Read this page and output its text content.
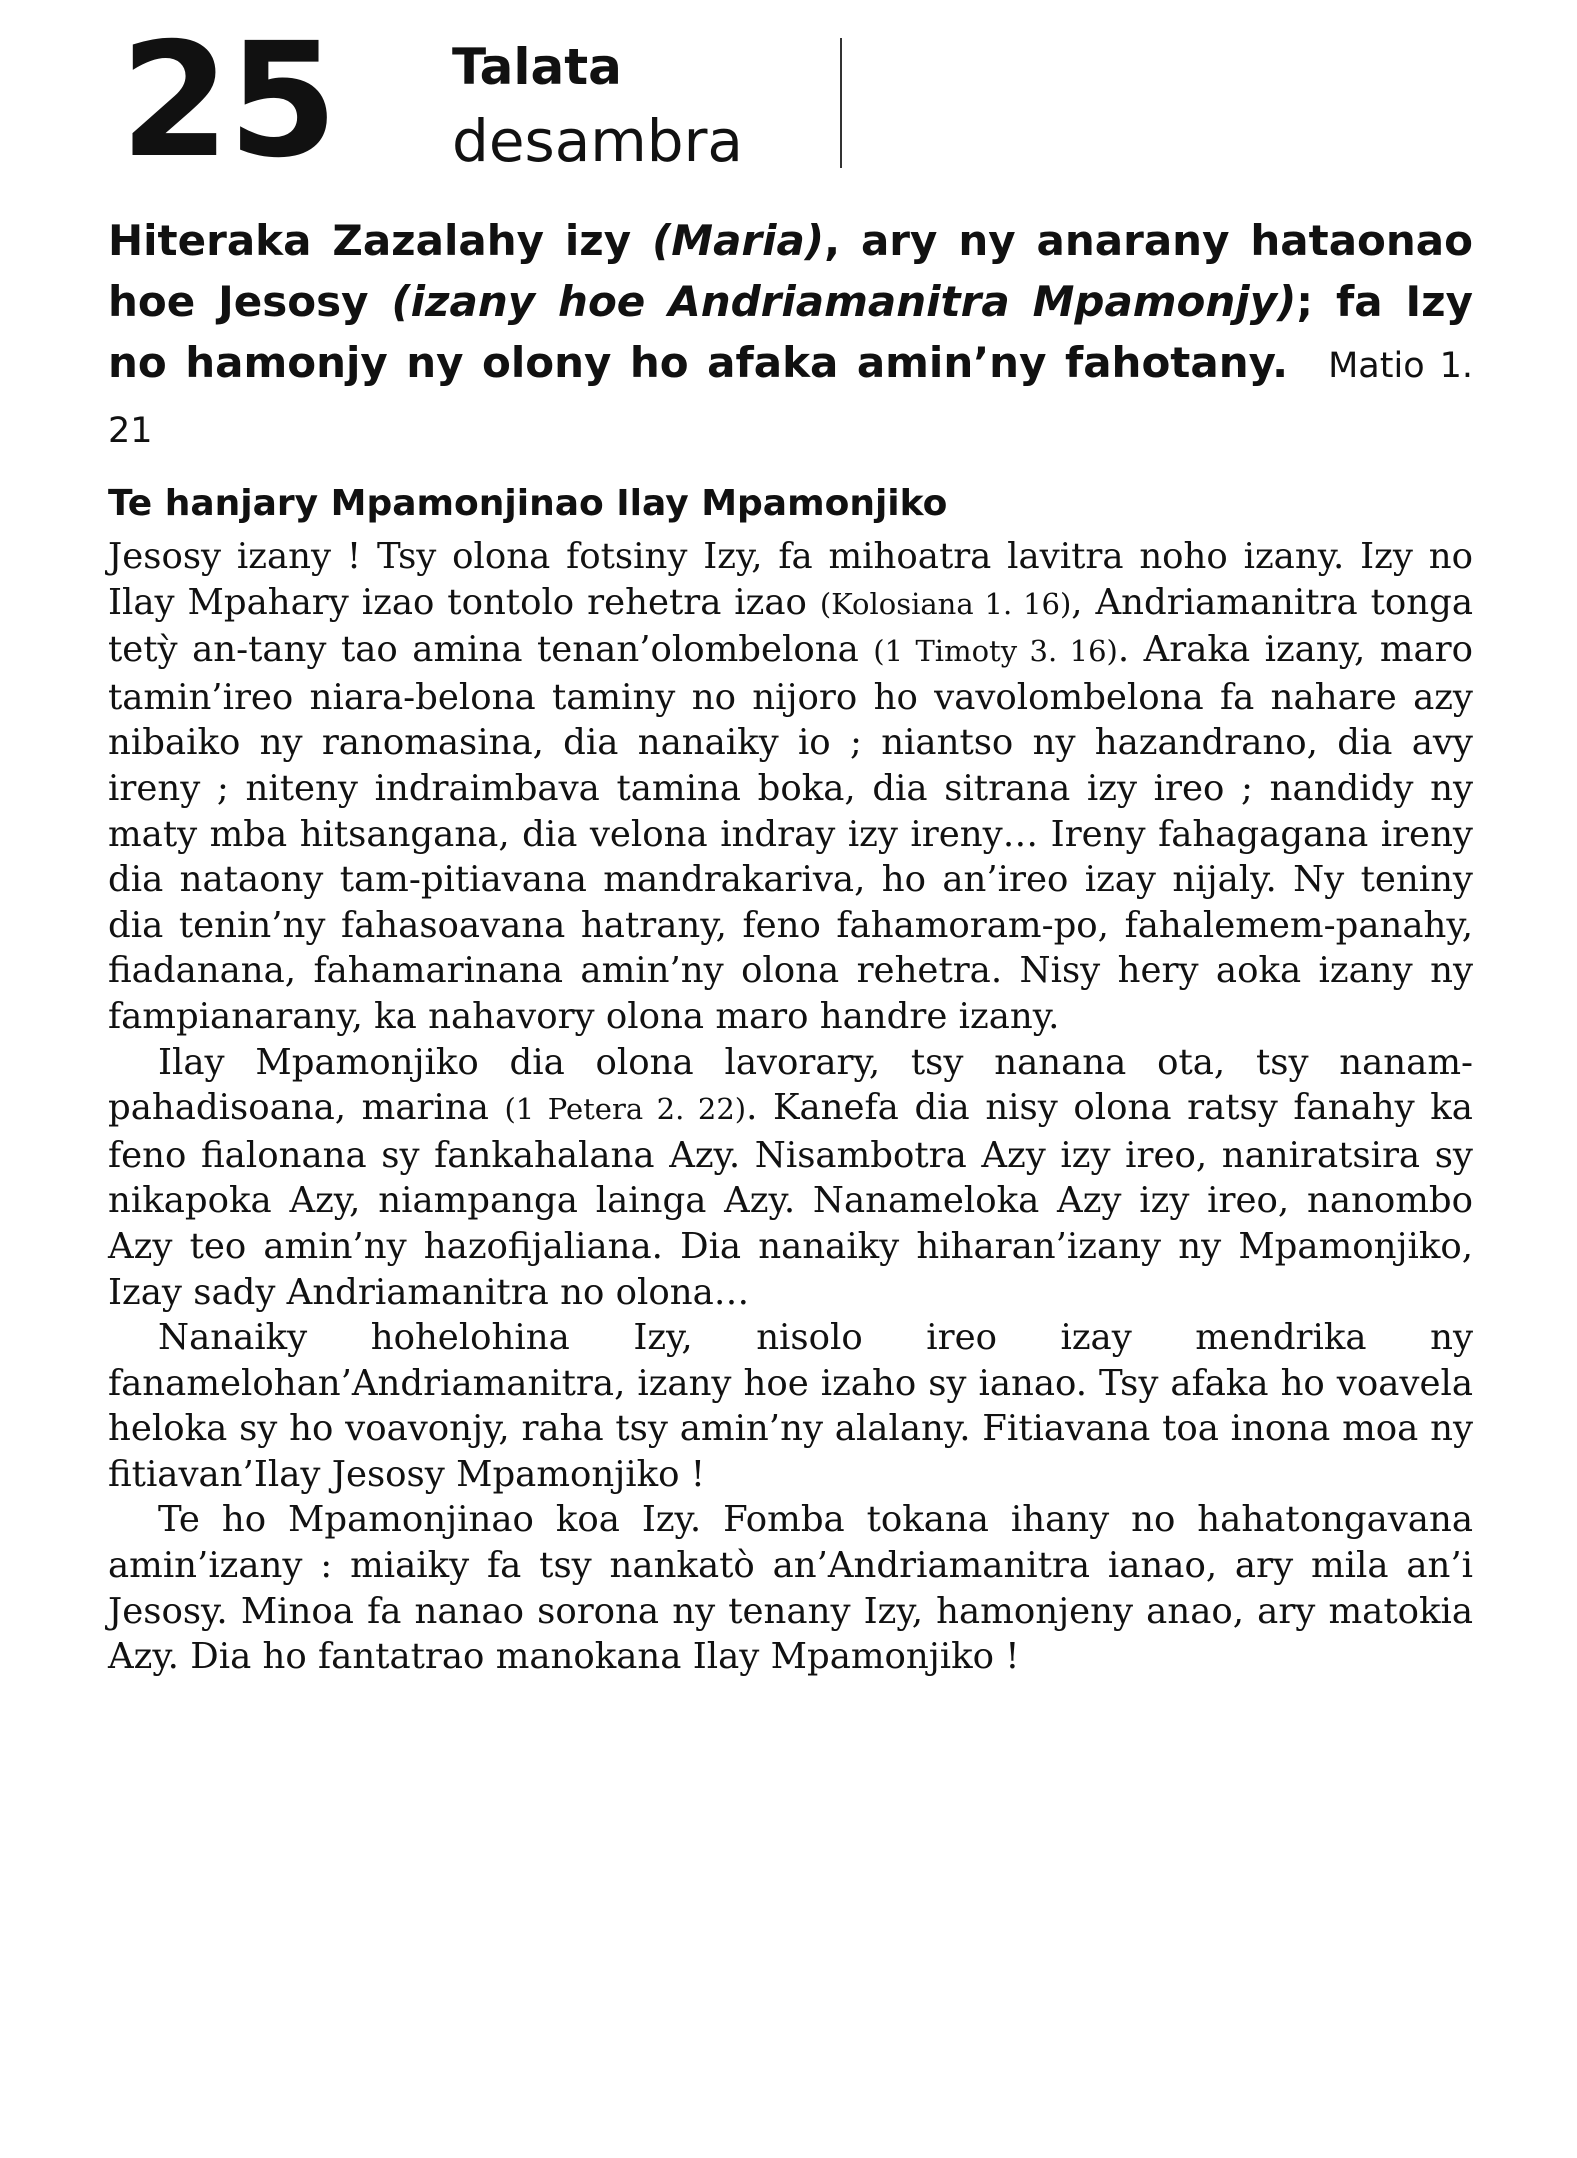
25 Talata
desambra
Hiteraka Zazalahy izy (Maria), ary ny anarany hataonao hoe Jesosy (izany hoe Andriamanitra Mpamonjy); fa Izy no hamonjy ny olony ho afaka amin’ny fahotany. Matio 1. 21
Te hanjary Mpamonjinao Ilay Mpamonjiko

Jesosy izany ! Tsy olona fotsiny Izy, fa mihoatra lavitra noho izany. Izy no Ilay Mpahary izao tontolo rehetra izao (Kolosiana 1. 16), Andriamanitra tonga tetỳ an-tany tao amina tenan’olombelona (1 Timoty 3. 16). Araka izany, maro tamin’ireo niara-belona taminy no nijoro ho vavolombelona fa nahare azy nibaiko ny ranomasina, dia nanaiky io ; niantso ny hazandrano, dia avy ireny ; niteny indraimbava tamina boka, dia sitrana izy ireo ; nandidy ny maty mba hitsangana, dia velona indray izy ireny… Ireny fahagagana ireny dia nataony tam-pitiavana mandrakariva, ho an’ireo izay nijaly. Ny teniny dia tenin’ny fahasoavana hatrany, feno fahamoram-po, fahalemem-panahy, fiadanana, fahamarinana amin’ny olona rehetra. Nisy hery aoka izany ny fampianarany, ka nahavory olona maro handre izany.

Ilay Mpamonjiko dia olona lavorary, tsy nanana ota, tsy nanam-pahadisoana, marina (1 Petera 2. 22). Kanefa dia nisy olona ratsy fanahy ka feno fialonana sy fankahalana Azy. Nisambotra Azy izy ireo, naniratsira sy nikapoka Azy, niampanga lainga Azy. Nanameloka Azy izy ireo, nanombo Azy teo amin’ny hazofijaliana. Dia nanaiky hiharan’izany ny Mpamonjiko, Izay sady Andriamanitra no olona…

Nanaiky hohelohina Izy, nisolo ireo izay mendrika ny fanamelohan’Andriamanitra, izany hoe izaho sy ianao. Tsy afaka ho voavela heloka sy ho voavonjy, raha tsy amin’ny alalany. Fitiavana toa inona moa ny fitiavan’Ilay Jesosy Mpamonjiko !

Te ho Mpamonjinao koa Izy. Fomba tokana ihany no hahatongavana amin’izany : miaiky fa tsy nankatò an’Andriamanitra ianao, ary mila an’i Jesosy. Minoa fa nanao sorona ny tenany Izy, hamonjeny anao, ary matokia Azy. Dia ho fantatrao manokana Ilay Mpamonjiko !
